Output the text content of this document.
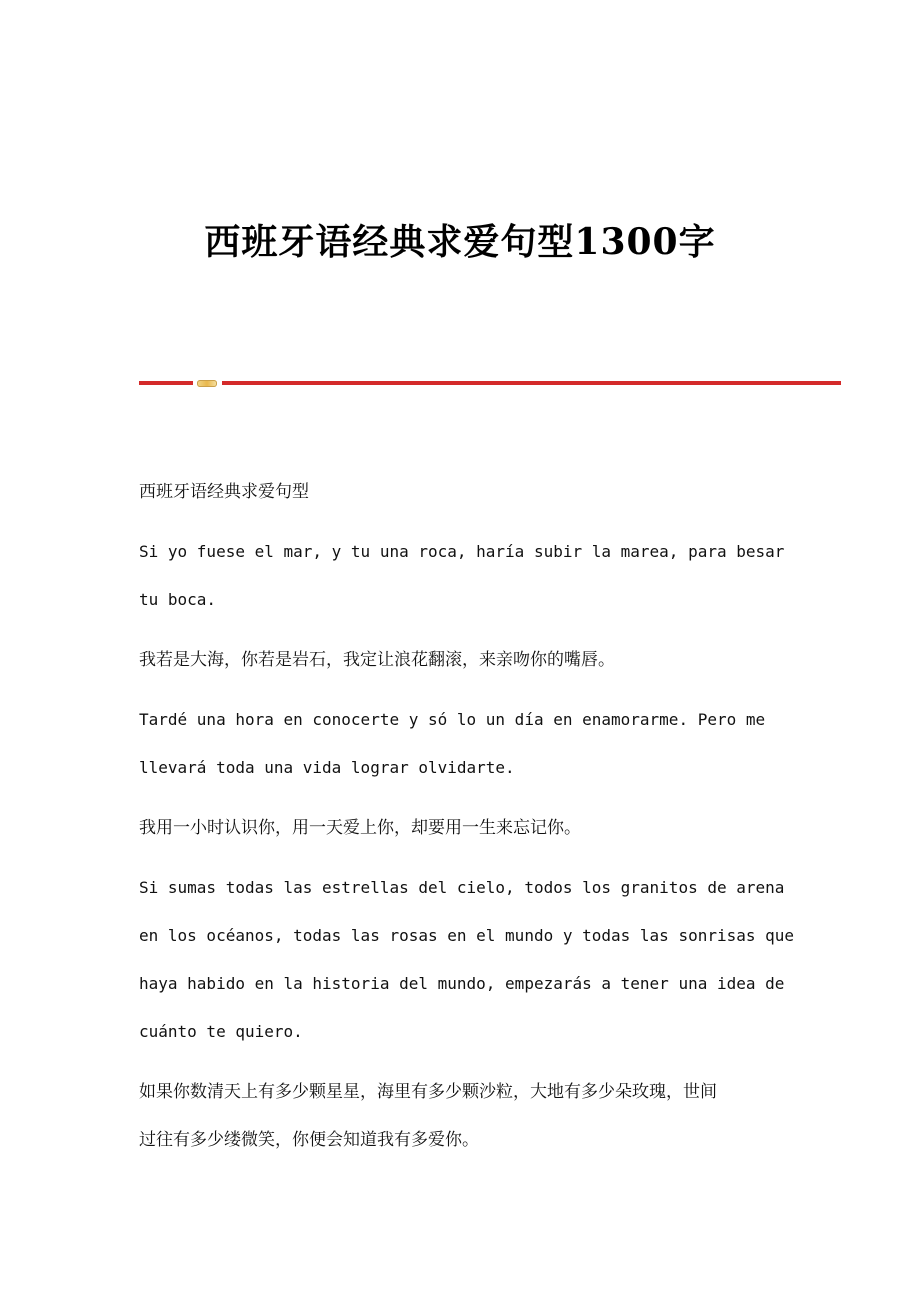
西班牙语经典求爱句型1300字

西班牙语经典求爱句型

Si yo fuese el mar, y tu una roca, harı́a subir la marea, para besar
tu boca.

我若是大海，你若是岩石，我定让浪花翻滚，来亲吻你的嘴唇。

Tardé una hora en conocerte y só lo un dı́a en enamorarme. Pero me
llevará toda una vida lograr olvidarte.

我用一小时认识你，用一天爱上你，却要用一生来忘记你。

Si sumas todas las estrellas del cielo, todos los granitos de arena
en los océanos, todas las rosas en el mundo y todas las sonrisas que
haya habido en la historia del mundo, empezarás a tener una idea de
cuánto te quiero.

如果你数清天上有多少颗星星，海里有多少颗沙粒，大地有多少朵玫瑰，世间
过往有多少缕微笑，你便会知道我有多爱你。
